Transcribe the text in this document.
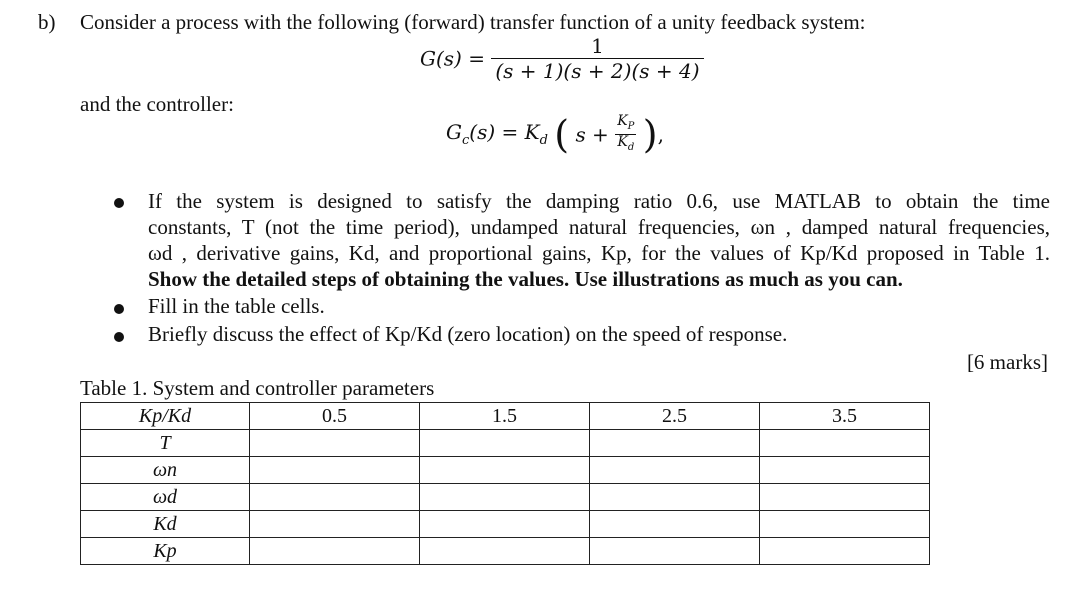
b) Consider a process with the following (forward) transfer function of a unity feedback system:
$G(s) = \frac{1}{(s + 1)(s + 2)(s + 4)}$
and the controller:
$G_c(s) = K_d$ ( $s + \frac{K_P}{K_d}$ ),
If the system is designed to satisfy the damping ratio 0.6, use MATLAB to obtain the time
constants, T (not the time period), undamped natural frequencies, ωn , damped natural frequencies,
ωd , derivative gains, Kd, and proportional gains, Kp, for the values of Kp/Kd proposed in Table 1.
Show the detailed steps of obtaining the values. Use illustrations as much as you can.
Fill in the table cells.
Briefly discuss the effect of Kp/Kd (zero location) on the speed of response.
[6 marks]
Table 1. System and controller parameters
Kp/Kd	0.5	1.5	2.5	3.5
T				
ωn				
ωd				
Kd				
Kp				
